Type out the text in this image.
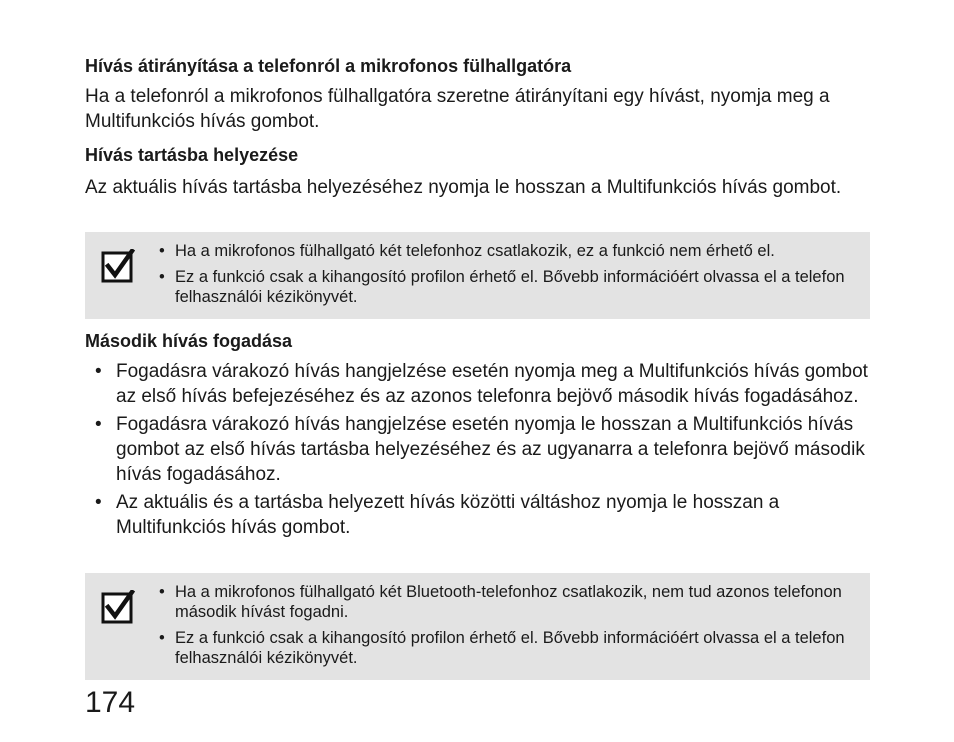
Hívás átirányítása a telefonról a mikrofonos fülhallgatóra
Ha a telefonról a mikrofonos fülhallgatóra szeretne átirányítani egy hívást, nyomja meg a Multifunkciós hívás gombot.
Hívás tartásba helyezése
Az aktuális hívás tartásba helyezéséhez nyomja le hosszan a Multifunkciós hívás gombot.
• Ha a mikrofonos fülhallgató két telefonhoz csatlakozik, ez a funkció nem érhető el.
• Ez a funkció csak a kihangosító profilon érhető el. Bővebb információért olvassa el a telefon felhasználói kézikönyvét.
Második hívás fogadása
• Fogadásra várakozó hívás hangjelzése esetén nyomja meg a Multifunkciós hívás gombot az első hívás befejezéséhez és az azonos telefonra bejövő második hívás fogadásához.
• Fogadásra várakozó hívás hangjelzése esetén nyomja le hosszan a Multifunkciós hívás gombot az első hívás tartásba helyezéséhez és az ugyanarra a telefonra bejövő második hívás fogadásához.
• Az aktuális és a tartásba helyezett hívás közötti váltáshoz nyomja le hosszan a Multifunkciós hívás gombot.
• Ha a mikrofonos fülhallgató két Bluetooth-telefonhoz csatlakozik, nem tud azonos telefonon második hívást fogadni.
• Ez a funkció csak a kihangosító profilon érhető el. Bővebb információért olvassa el a telefon felhasználói kézikönyvét.
174
